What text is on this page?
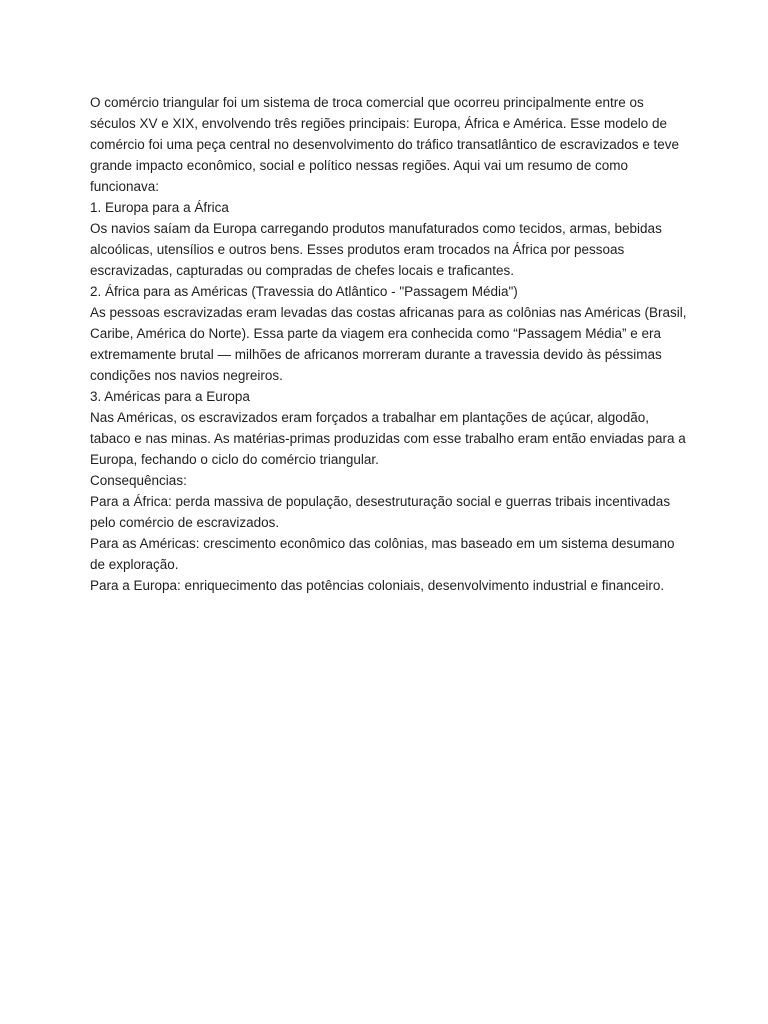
O comércio triangular foi um sistema de troca comercial que ocorreu principalmente entre os séculos XV e XIX, envolvendo três regiões principais: Europa, África e América. Esse modelo de comércio foi uma peça central no desenvolvimento do tráfico transatlântico de escravizados e teve grande impacto econômico, social e político nessas regiões. Aqui vai um resumo de como funcionava:

1. Europa para a África

Os navios saíam da Europa carregando produtos manufaturados como tecidos, armas, bebidas alcoólicas, utensílios e outros bens. Esses produtos eram trocados na África por pessoas escravizadas, capturadas ou compradas de chefes locais e traficantes.

2. África para as Américas (Travessia do Atlântico - "Passagem Média")

As pessoas escravizadas eram levadas das costas africanas para as colônias nas Américas (Brasil, Caribe, América do Norte). Essa parte da viagem era conhecida como “Passagem Média” e era extremamente brutal — milhões de africanos morreram durante a travessia devido às péssimas condições nos navios negreiros.

3. Américas para a Europa

Nas Américas, os escravizados eram forçados a trabalhar em plantações de açúcar, algodão, tabaco e nas minas. As matérias-primas produzidas com esse trabalho eram então enviadas para a Europa, fechando o ciclo do comércio triangular.

Consequências:

Para a África: perda massiva de população, desestruturação social e guerras tribais incentivadas pelo comércio de escravizados.

Para as Américas: crescimento econômico das colônias, mas baseado em um sistema desumano de exploração.

Para a Europa: enriquecimento das potências coloniais, desenvolvimento industrial e financeiro.
